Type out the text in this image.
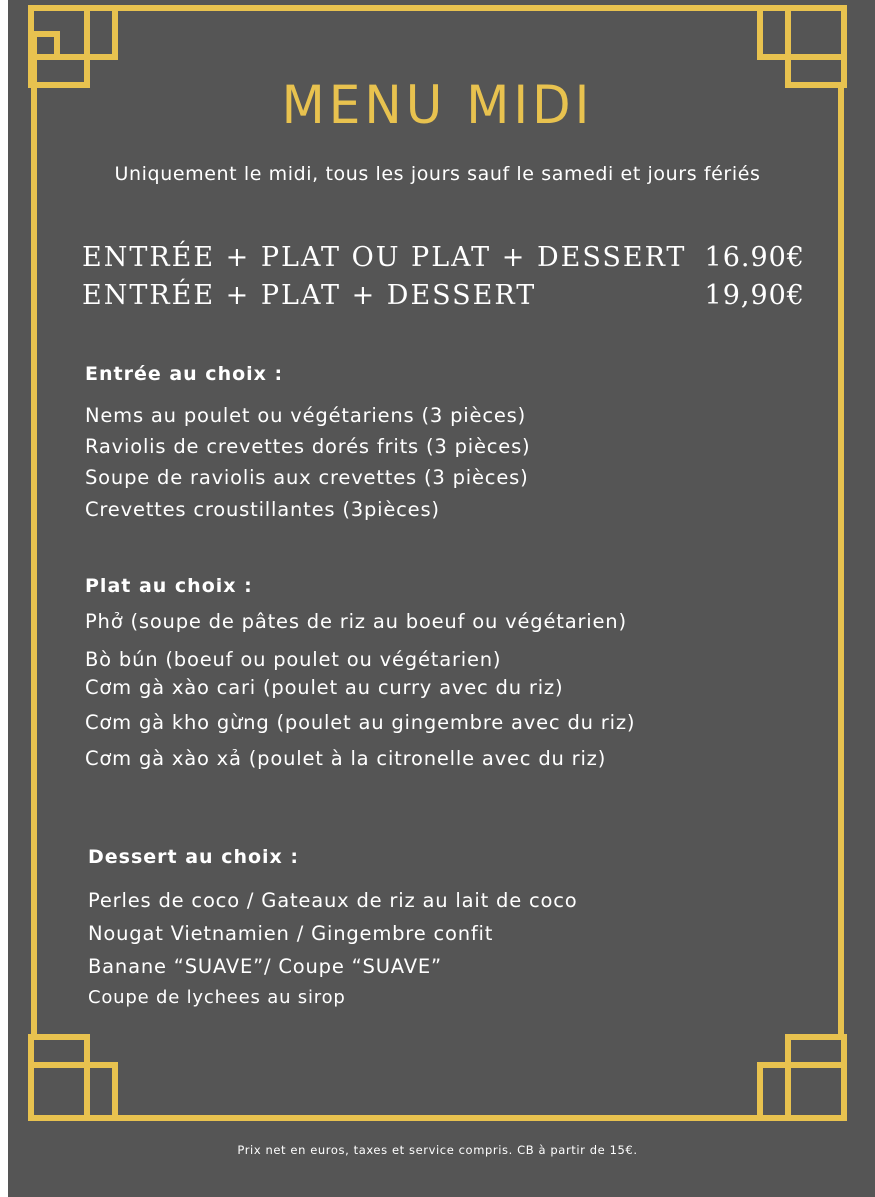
MENU MIDI
Uniquement le midi, tous les jours sauf le samedi et jours fériés
ENTRÉE + PLAT OU PLAT + DESSERT 16.90€
ENTRÉE + PLAT + DESSERT	19,90€
Entrée au choix :
Nems au poulet ou végétariens (3 pièces)
Raviolis de crevettes dorés frits (3 pièces)
Soupe de raviolis aux crevettes (3 pièces)
Crevettes croustillantes (3pièces)
Plat au choix :
Phở (soupe de pâtes de riz au boeuf ou végétarien)
Bò bún (boeuf ou poulet ou végétarien)
Cơm gà xào cari (poulet au curry avec du riz)
Cơm gà kho gừng (poulet au gingembre avec du riz)
Cơm gà xào xả (poulet à la citronelle avec du riz)
Dessert au choix :
Perles de coco / Gateaux de riz au lait de coco
Nougat Vietnamien / Gingembre confit
Banane “SUAVE”/ Coupe “SUAVE”
Coupe de lychees au sirop
Prix net en euros, taxes et service compris. CB à partir de 15€.
